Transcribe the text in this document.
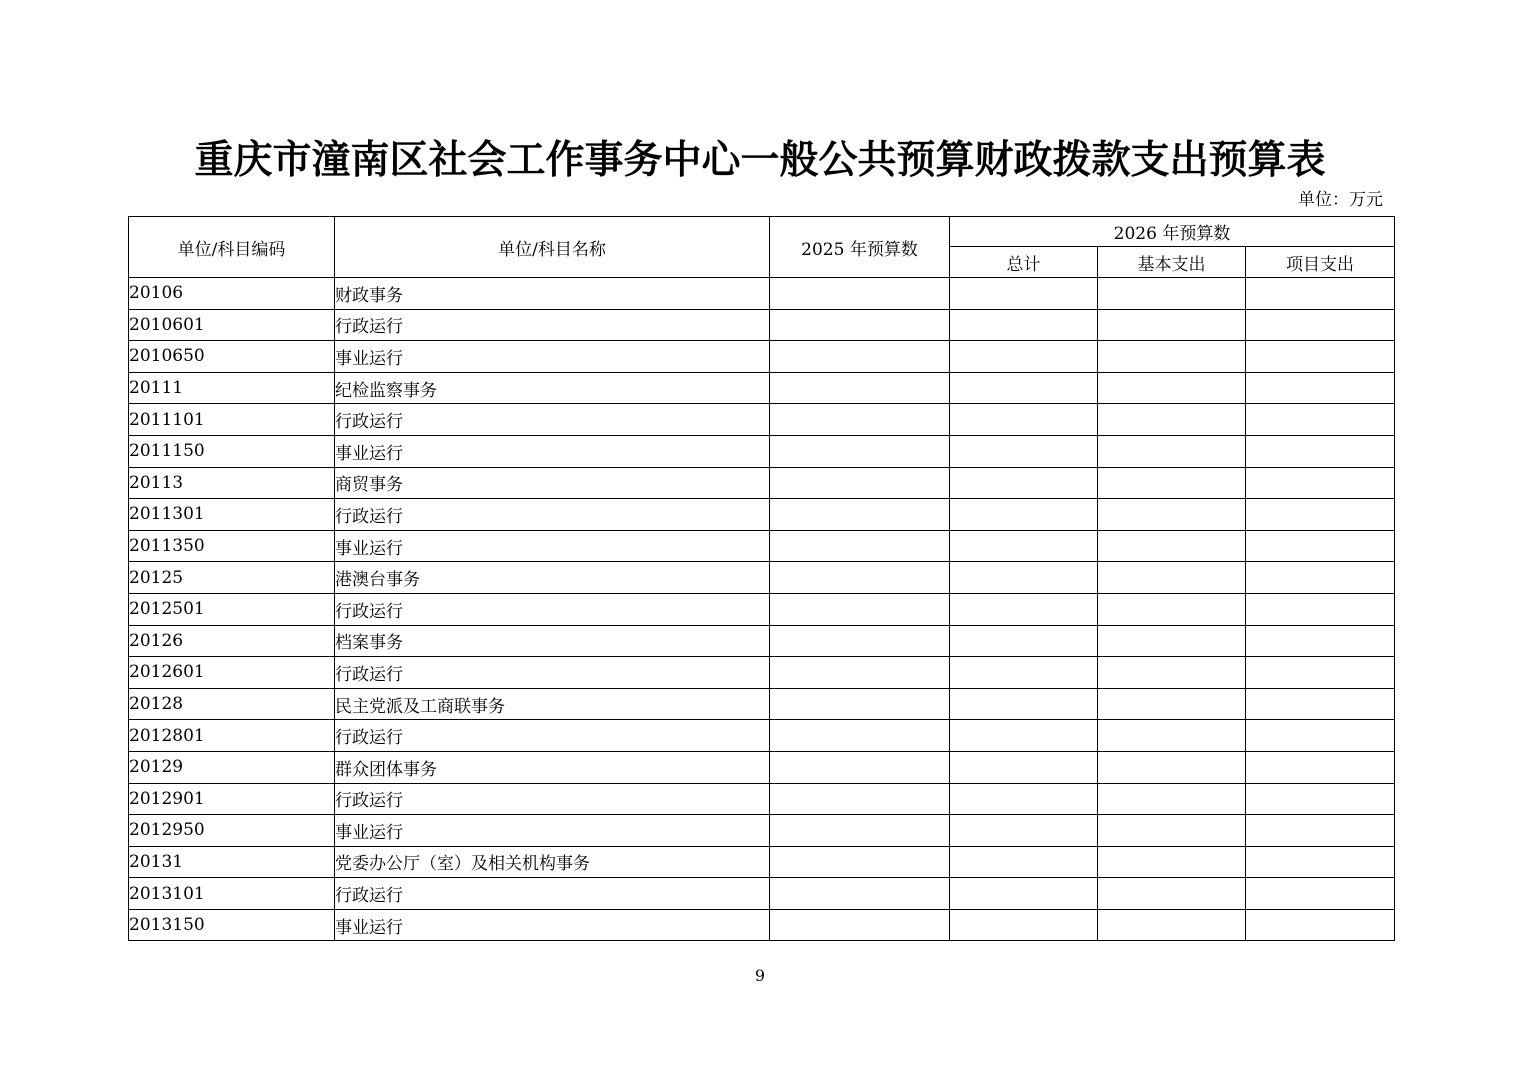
重庆市潼南区社会工作事务中心一般公共预算财政拨款支出预算表
单位：万元
单位/科目编码	单位/科目名称	2025 年预算数	2026 年预算数		
			总计	基本支出	项目支出
20106	财政事务				
2010601	行政运行				
2010650	事业运行				
20111	纪检监察事务				
2011101	行政运行				
2011150	事业运行				
20113	商贸事务				
2011301	行政运行				
2011350	事业运行				
20125	港澳台事务				
2012501	行政运行				
20126	档案事务				
2012601	行政运行				
20128	民主党派及工商联事务				
2012801	行政运行				
20129	群众团体事务				
2012901	行政运行				
2012950	事业运行				
20131	党委办公厅（室）及相关机构事务				
2013101	行政运行				
2013150	事业运行				
9
